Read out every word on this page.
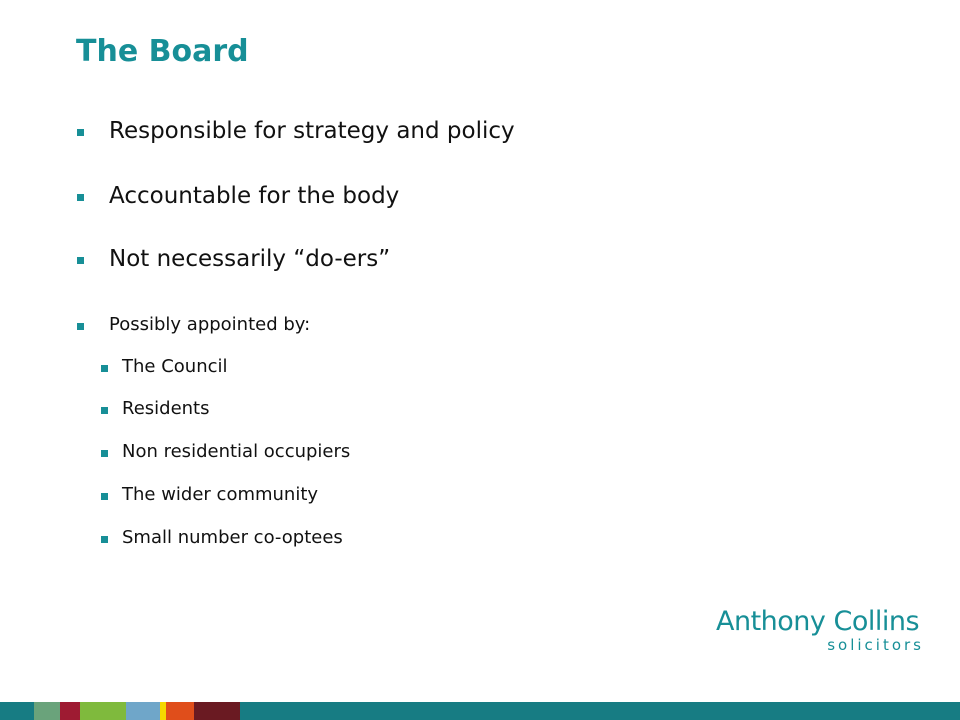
The Board
Responsible for strategy and policy
Accountable for the body
Not necessarily “do-ers”
Possibly appointed by:
The Council
Residents
Non residential occupiers
The wider community
Small number co-optees
Anthony Collins
solicitors
